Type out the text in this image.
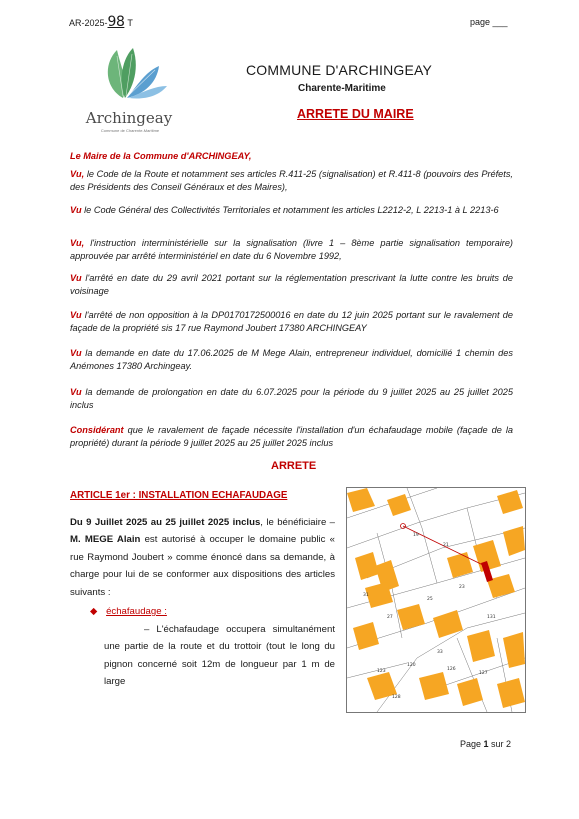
AR-2025-98 T	page ___
Archingeay
Commune de Charente-Maritime
COMMUNE D'ARCHINGEAY
Charente-Maritime
ARRETE DU MAIRE
Le Maire de la Commune d'ARCHINGEAY,
Vu, le Code de la Route et notamment ses articles R.411-25 (signalisation) et R.411-8 (pouvoirs des Préfets, des Présidents des Conseil Généraux et des Maires),
Vu le Code Général des Collectivités Territoriales et notamment les articles L2212-2, L 2213-1 à L 2213-6
Vu, l'instruction interministérielle sur la signalisation (livre 1 – 8ème partie signalisation temporaire) approuvée par arrêté interministériel en date du 6 Novembre 1992,
Vu l'arrêté en date du 29 avril 2021 portant sur la réglementation prescrivant la lutte contre les bruits de voisinage
Vu l'arrêté de non opposition à la DP0170172500016 en date du 12 juin 2025 portant sur le ravalement de façade de la propriété sis 17 rue Raymond Joubert 17380 ARCHINGEAY
Vu la demande en date du 17.06.2025 de M Mege Alain, entrepreneur individuel, domicilié 1 chemin des Anémones 17380 Archingeay.
Vu la demande de prolongation en date du 6.07.2025 pour la période du 9 juillet 2025 au 25 juillet 2025 inclus
Considérant que le ravalement de façade nécessite l'installation d'un échafaudage mobile (façade de la propriété) durant la période 9 juillet 2025 au 25 juillet 2025 inclus
ARRETE
ARTICLE 1er : INSTALLATION ECHAFAUDAGE
Du 9 Juillet 2025 au 25 juillet 2025 inclus, le bénéficiaire – M. MEGE Alain est autorisé à occuper le domaine public « rue Raymond Joubert » comme énoncé dans sa demande, à charge pour lui de se conformer aux dispositions des articles suivants :
◆ échafaudage :
– L'échafaudage occupera simultanément une partie de la route et du trottoir (tout le long du pignon concerné soit 12m de longueur par 1 m de large
19
21
23
25
27
31
33
120
123	126
127
128
131
Page 1 sur 2
